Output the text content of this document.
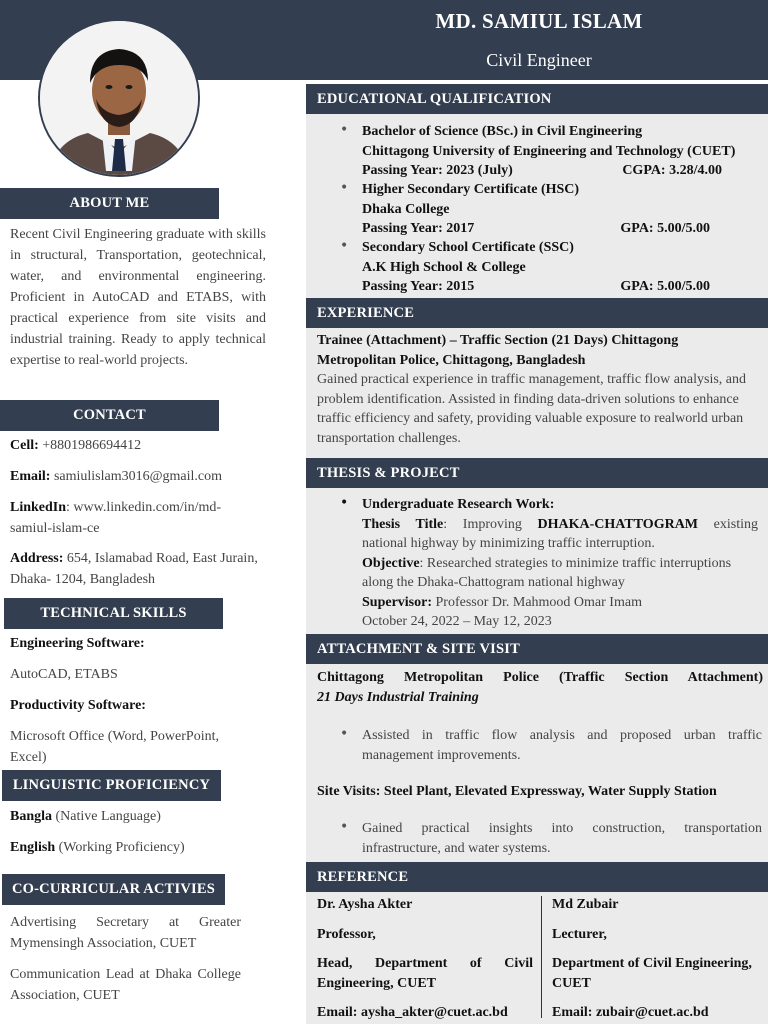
MD. SAMIUL ISLAM
Civil Engineer
ABOUT ME
Recent Civil Engineering graduate with skills in structural, Transportation, geotechnical, water, and environmental engineering. Proficient in AutoCAD and ETABS, with practical experience from site visits and industrial training. Ready to apply technical expertise to real-world projects.
CONTACT
Cell: +8801986694412
Email: samiulislam3016@gmail.com
LinkedIn: www.linkedin.com/in/md-samiul-islam-ce
Address: 654, Islamabad Road, East Jurain, Dhaka- 1204, Bangladesh
TECHNICAL SKILLS
Engineering Software:
AutoCAD, ETABS
Productivity Software:
Microsoft Office (Word, PowerPoint, Excel)
LINGUISTIC PROFICIENCY
Bangla (Native Language)
English (Working Proficiency)
CO-CURRICULAR ACTIVIES
Advertising Secretary at Greater Mymensingh Association, CUET
Communication Lead at Dhaka College Association, CUET
EDUCATIONAL QUALIFICATION
• Bachelor of Science (BSc.) in Civil Engineering
Chittagong University of Engineering and Technology (CUET)
Passing Year: 2023 (July)	CGPA: 3.28/4.00
• Higher Secondary Certificate (HSC)
Dhaka College
Passing Year: 2017	GPA: 5.00/5.00
• Secondary School Certificate (SSC)
A.K High School & College
Passing Year: 2015	GPA: 5.00/5.00
EXPERIENCE
Trainee (Attachment) – Traffic Section (21 Days) Chittagong Metropolitan Police, Chittagong, Bangladesh
Gained practical experience in traffic management, traffic flow analysis, and problem identification. Assisted in finding data-driven solutions to enhance traffic efficiency and safety, providing valuable exposure to realworld urban transportation challenges.
THESIS & PROJECT
• Undergraduate Research Work:
Thesis Title: Improving DHAKA-CHATTOGRAM existing national highway by minimizing traffic interruption.
Objective: Researched strategies to minimize traffic interruptions along the Dhaka-Chattogram national highway
Supervisor: Professor Dr. Mahmood Omar Imam
October 24, 2022 – May 12, 2023
ATTACHMENT & SITE VISIT
Chittagong Metropolitan Police (Traffic Section Attachment)
21 Days Industrial Training
• Assisted in traffic flow analysis and proposed urban traffic management improvements.
Site Visits: Steel Plant, Elevated Expressway, Water Supply Station
• Gained practical insights into construction, transportation infrastructure, and water systems.
REFERENCE
Dr. Aysha Akter
Professor,
Head, Department of Civil Engineering, CUET
Email: aysha_akter@cuet.ac.bd
Md Zubair
Lecturer,
Department of Civil Engineering, CUET
Email: zubair@cuet.ac.bd
